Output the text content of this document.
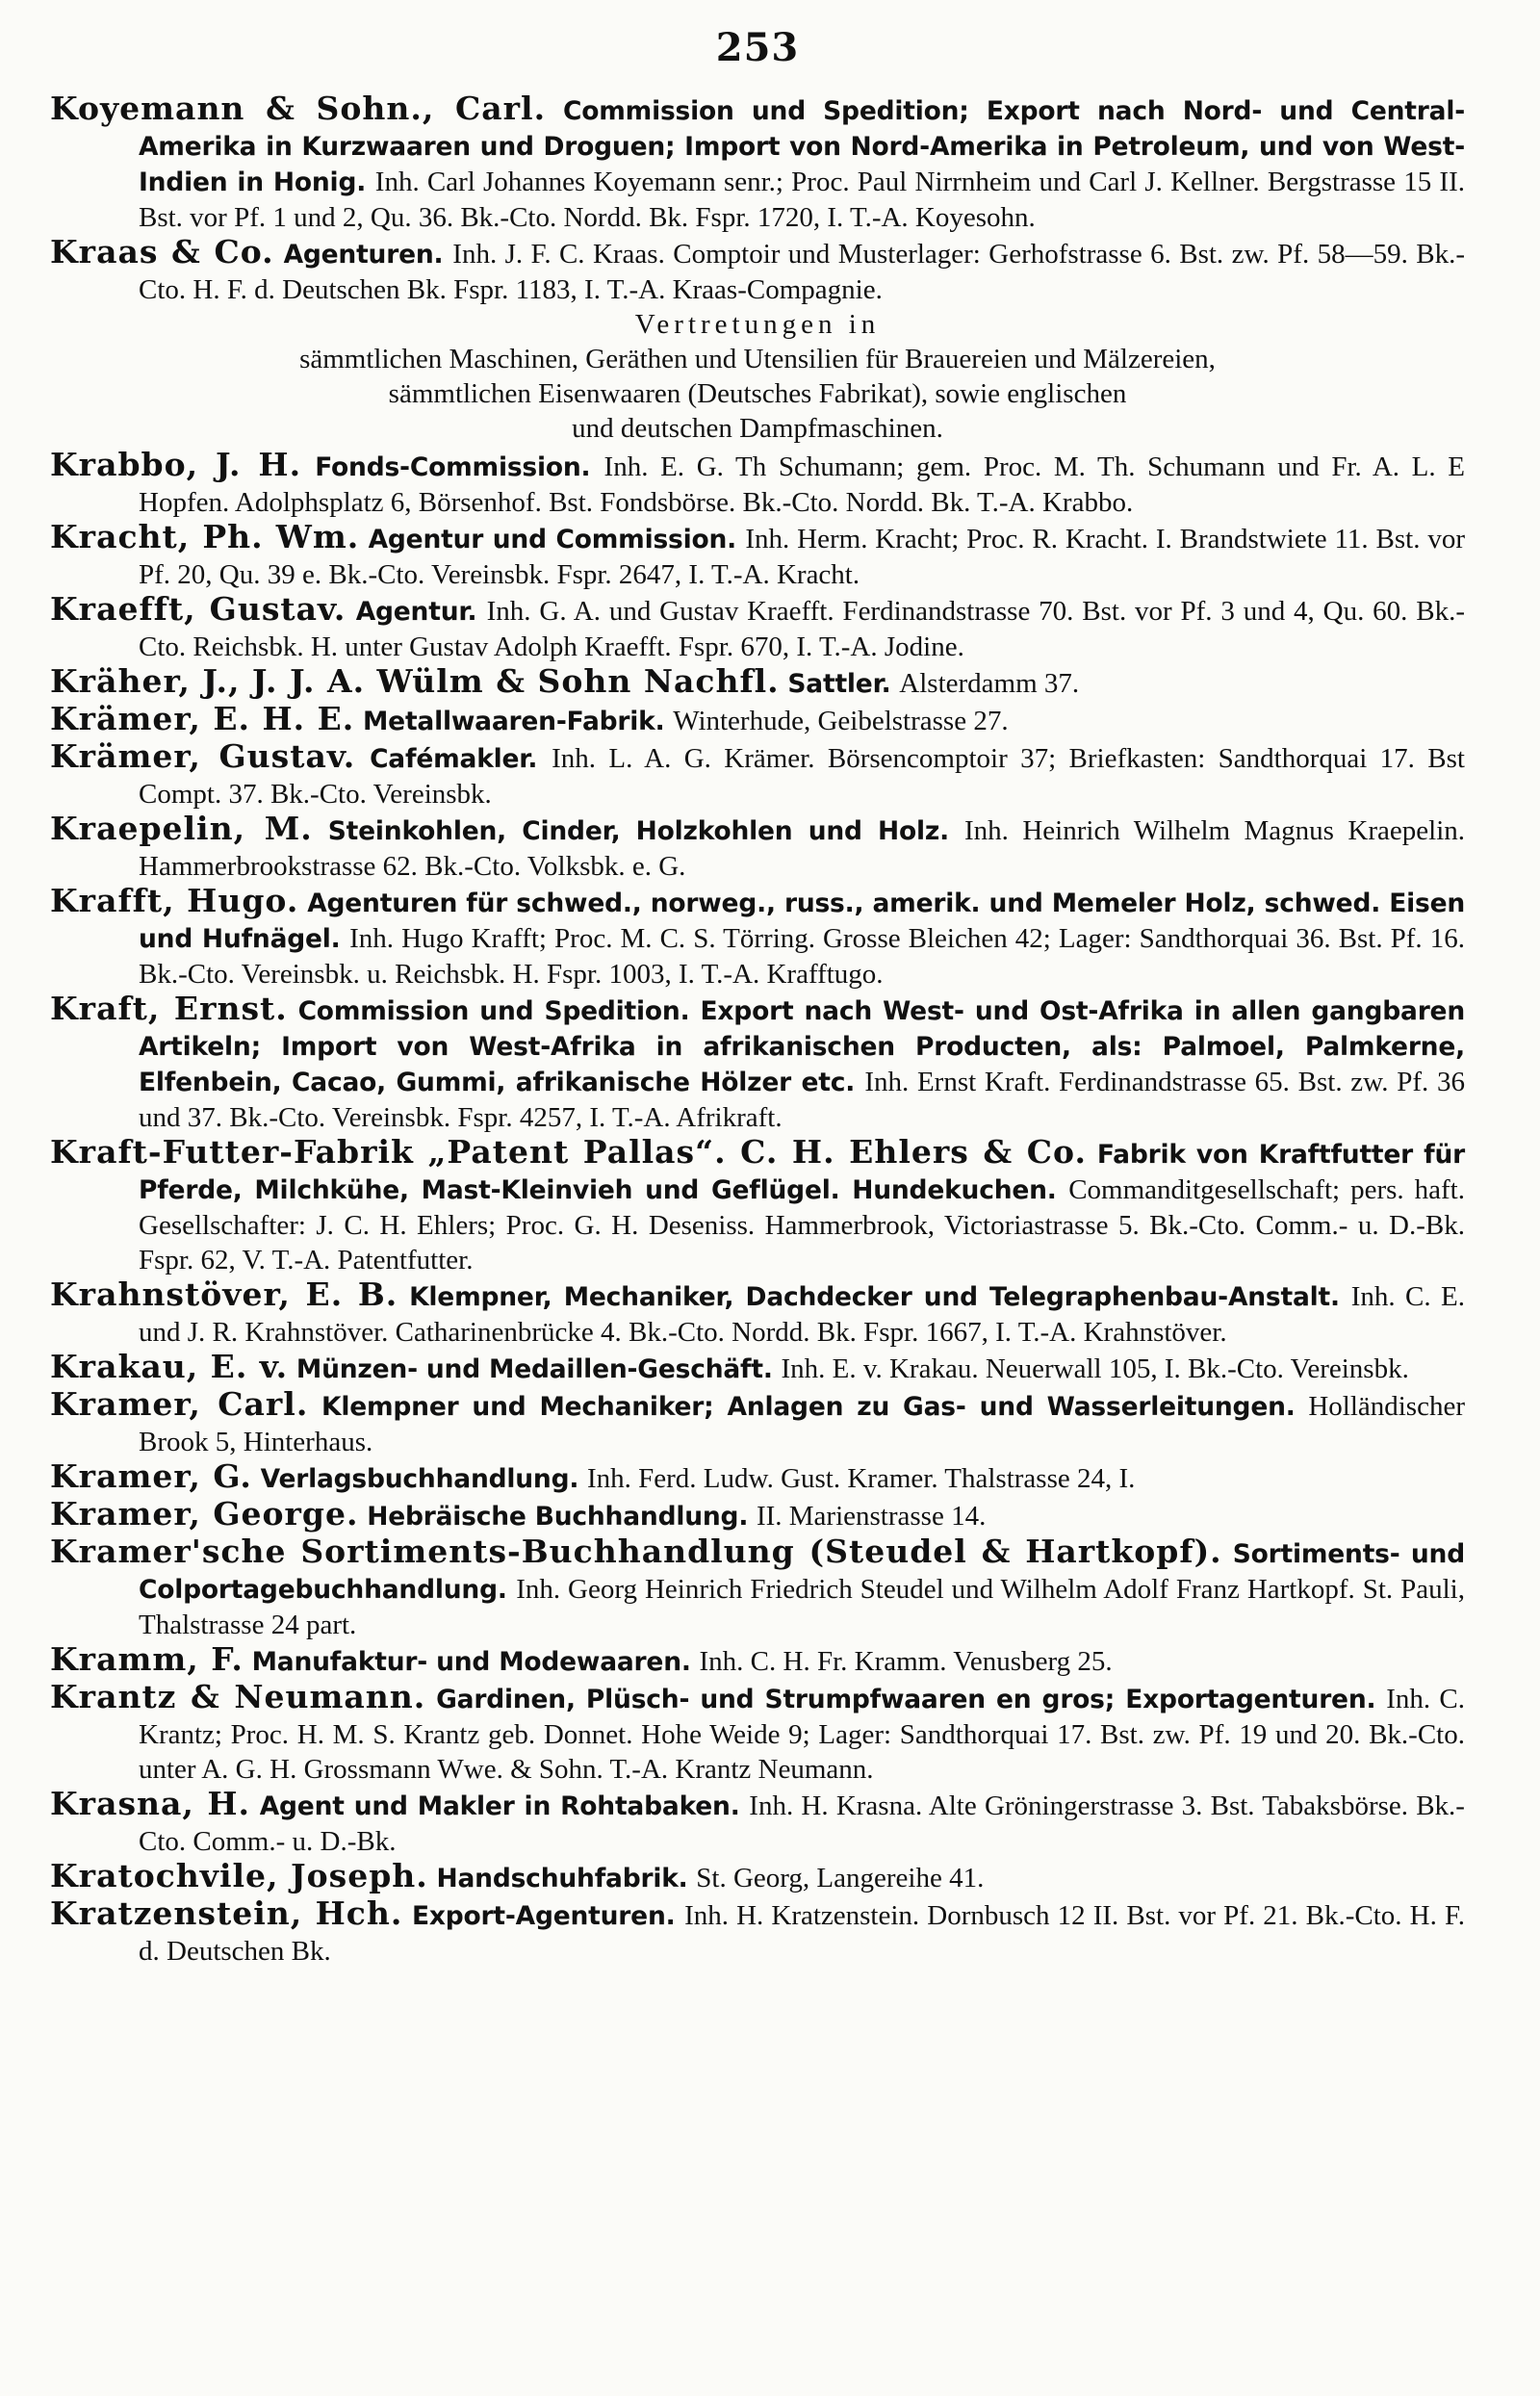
253

Koyemann & Sohn., Carl. Commission und Spedition; Export nach Nord- und Central-Amerika in Kurzwaaren und Droguen; Import von Nord-Amerika in Petroleum, und von West-Indien in Honig. Inh. Carl Johannes Koyemann senr.; Proc. Paul Nirrnheim und Carl J. Kellner. Bergstrasse 15 II. Bst. vor Pf. 1 und 2, Qu. 36. Bk.-Cto. Nordd. Bk. Fspr. 1720, I. T.-A. Koyesohn.

Kraas & Co. Agenturen. Inh. J. F. C. Kraas. Comptoir und Musterlager: Gerhofstrasse 6. Bst. zw. Pf. 58—59. Bk.-Cto. H. F. d. Deutschen Bk. Fspr. 1183, I. T.-A. Kraas-Compagnie.

Vertretungen in
sämmtlichen Maschinen, Geräthen und Utensilien für Brauereien und Mälzereien,
sämmtlichen Eisenwaaren (Deutsches Fabrikat), sowie englischen
und deutschen Dampfmaschinen.

Krabbo, J. H. Fonds-Commission. Inh. E. G. Th Schumann; gem. Proc. M. Th. Schumann und Fr. A. L. E Hopfen. Adolphsplatz 6, Börsenhof. Bst. Fondsbörse. Bk.-Cto. Nordd. Bk. T.-A. Krabbo.

Kracht, Ph. Wm. Agentur und Commission. Inh. Herm. Kracht; Proc. R. Kracht. I. Brandstwiete 11. Bst. vor Pf. 20, Qu. 39 e. Bk.-Cto. Vereinsbk. Fspr. 2647, I. T.-A. Kracht.

Kraefft, Gustav. Agentur. Inh. G. A. und Gustav Kraefft. Ferdinandstrasse 70. Bst. vor Pf. 3 und 4, Qu. 60. Bk.-Cto. Reichsbk. H. unter Gustav Adolph Kraefft. Fspr. 670, I. T.-A. Jodine.

Kräher, J., J. J. A. Wülm & Sohn Nachfl. Sattler. Alsterdamm 37.

Krämer, E. H. E. Metallwaaren-Fabrik. Winterhude, Geibelstrasse 27.

Krämer, Gustav. Cafémakler. Inh. L. A. G. Krämer. Börsencomptoir 37; Briefkasten: Sandthorquai 17. Bst Compt. 37. Bk.-Cto. Vereinsbk.

Kraepelin, M. Steinkohlen, Cinder, Holzkohlen und Holz. Inh. Heinrich Wilhelm Magnus Kraepelin. Hammerbrookstrasse 62. Bk.-Cto. Volksbk. e. G.

Krafft, Hugo. Agenturen für schwed., norweg., russ., amerik. und Memeler Holz, schwed. Eisen und Hufnägel. Inh. Hugo Krafft; Proc. M. C. S. Törring. Grosse Bleichen 42; Lager: Sandthorquai 36. Bst. Pf. 16. Bk.-Cto. Vereinsbk. u. Reichsbk. H. Fspr. 1003, I. T.-A. Krafftugo.

Kraft, Ernst. Commission und Spedition. Export nach West- und Ost-Afrika in allen gangbaren Artikeln; Import von West-Afrika in afrikanischen Producten, als: Palmoel, Palmkerne, Elfenbein, Cacao, Gummi, afrikanische Hölzer etc. Inh. Ernst Kraft. Ferdinandstrasse 65. Bst. zw. Pf. 36 und 37. Bk.-Cto. Vereinsbk. Fspr. 4257, I. T.-A. Afrikraft.

Kraft-Futter-Fabrik „Patent Pallas“. C. H. Ehlers & Co. Fabrik von Kraftfutter für Pferde, Milchkühe, Mast-Kleinvieh und Geflügel. Hundekuchen. Commanditgesellschaft; pers. haft. Gesellschafter: J. C. H. Ehlers; Proc. G. H. Deseniss. Hammerbrook, Victoriastrasse 5. Bk.-Cto. Comm.- u. D.-Bk. Fspr. 62, V. T.-A. Patentfutter.

Krahnstöver, E. B. Klempner, Mechaniker, Dachdecker und Telegraphenbau-Anstalt. Inh. C. E. und J. R. Krahnstöver. Catharinenbrücke 4. Bk.-Cto. Nordd. Bk. Fspr. 1667, I. T.-A. Krahnstöver.

Krakau, E. v. Münzen- und Medaillen-Geschäft. Inh. E. v. Krakau. Neuerwall 105, I. Bk.-Cto. Vereinsbk.

Kramer, Carl. Klempner und Mechaniker; Anlagen zu Gas- und Wasserleitungen. Holländischer Brook 5, Hinterhaus.

Kramer, G. Verlagsbuchhandlung. Inh. Ferd. Ludw. Gust. Kramer. Thalstrasse 24, I.

Kramer, George. Hebräische Buchhandlung. II. Marienstrasse 14.

Kramer'sche Sortiments-Buchhandlung (Steudel & Hartkopf). Sortiments- und Colportagebuchhandlung. Inh. Georg Heinrich Friedrich Steudel und Wilhelm Adolf Franz Hartkopf. St. Pauli, Thalstrasse 24 part.

Kramm, F. Manufaktur- und Modewaaren. Inh. C. H. Fr. Kramm. Venusberg 25.

Krantz & Neumann. Gardinen, Plüsch- und Strumpfwaaren en gros; Exportagenturen. Inh. C. Krantz; Proc. H. M. S. Krantz geb. Donnet. Hohe Weide 9; Lager: Sandthorquai 17. Bst. zw. Pf. 19 und 20. Bk.-Cto. unter A. G. H. Grossmann Wwe. & Sohn. T.-A. Krantz Neumann.

Krasna, H. Agent und Makler in Rohtabaken. Inh. H. Krasna. Alte Gröningerstrasse 3. Bst. Tabaksbörse. Bk.-Cto. Comm.- u. D.-Bk.

Kratochvile, Joseph. Handschuhfabrik. St. Georg, Langereihe 41.

Kratzenstein, Hch. Export-Agenturen. Inh. H. Kratzenstein. Dornbusch 12 II. Bst. vor Pf. 21. Bk.-Cto. H. F. d. Deutschen Bk.
